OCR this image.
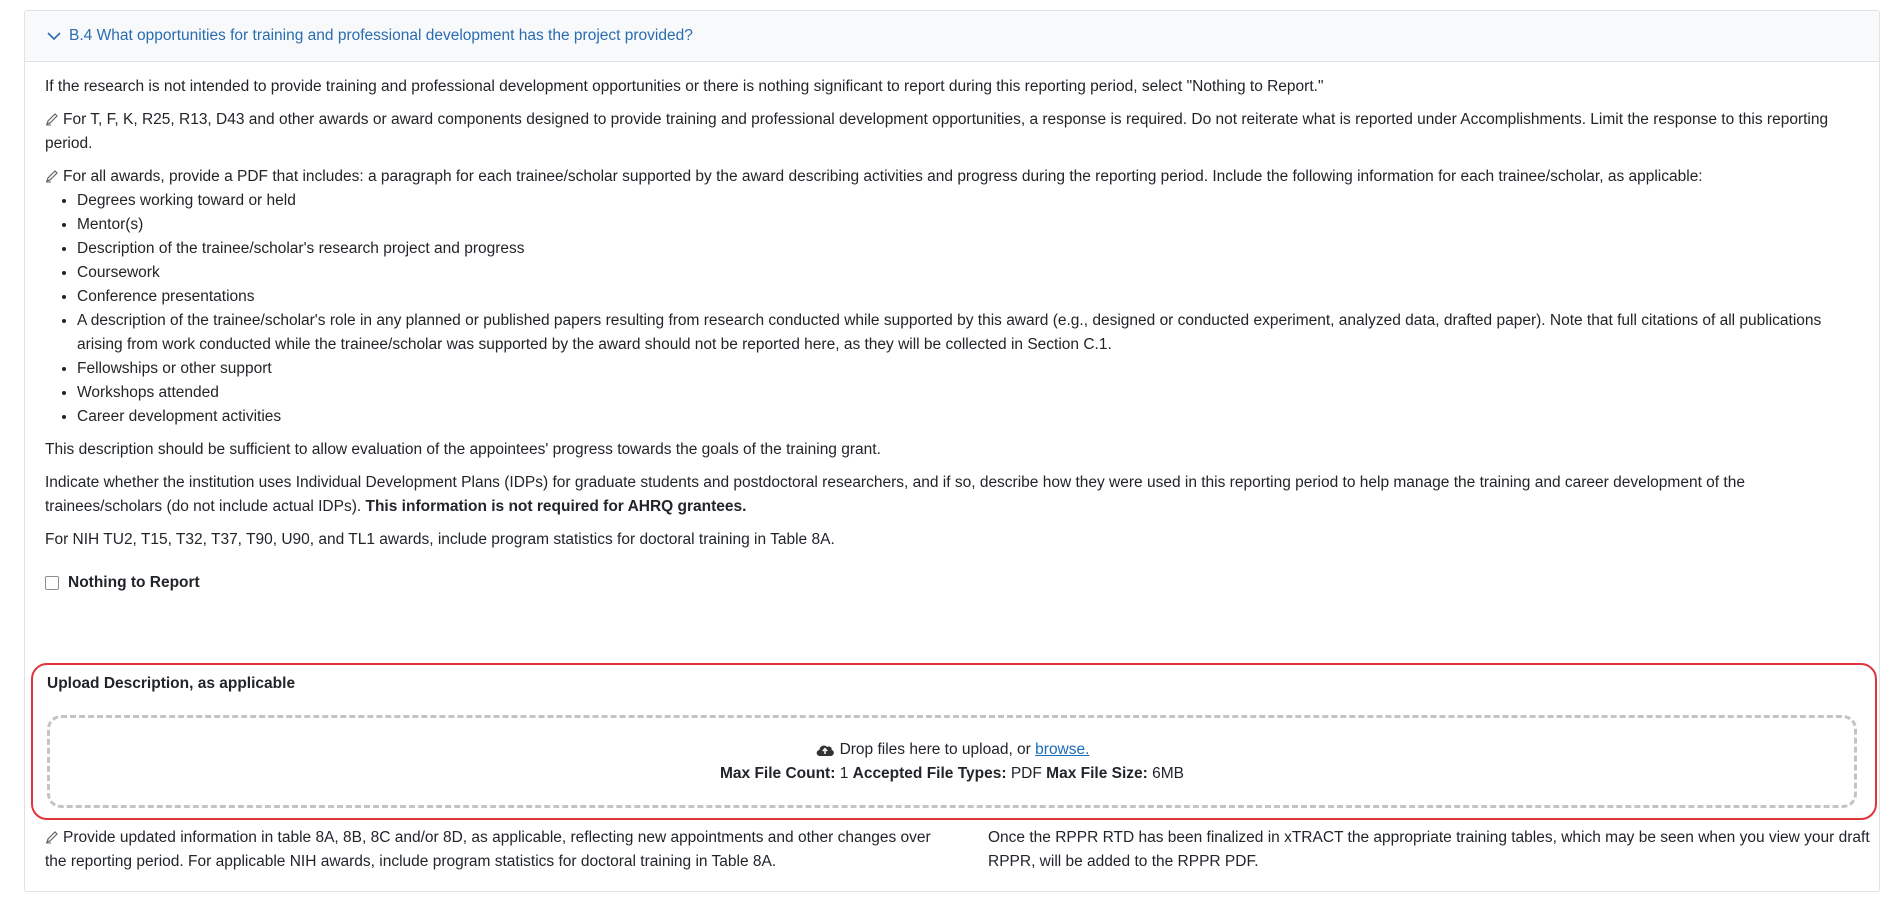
B.4 What opportunities for training and professional development has the project provided?

If the research is not intended to provide training and professional development opportunities or there is nothing significant to report during this reporting period, select "Nothing to Report."

For T, F, K, R25, R13, D43 and other awards or award components designed to provide training and professional development opportunities, a response is required. Do not reiterate what is reported under Accomplishments. Limit the response to this reporting period.

For all awards, provide a PDF that includes: a paragraph for each trainee/scholar supported by the award describing activities and progress during the reporting period. Include the following information for each trainee/scholar, as applicable:

• Degrees working toward or held
• Mentor(s)
• Description of the trainee/scholar's research project and progress
• Coursework
• Conference presentations
• A description of the trainee/scholar's role in any planned or published papers resulting from research conducted while supported by this award (e.g., designed or conducted experiment, analyzed data, drafted paper). Note that full citations of all publications arising from work conducted while the trainee/scholar was supported by the award should not be reported here, as they will be collected in Section C.1.
• Fellowships or other support
• Workshops attended
• Career development activities

This description should be sufficient to allow evaluation of the appointees' progress towards the goals of the training grant.

Indicate whether the institution uses Individual Development Plans (IDPs) for graduate students and postdoctoral researchers, and if so, describe how they were used in this reporting period to help manage the training and career development of the trainees/scholars (do not include actual IDPs). This information is not required for AHRQ grantees.

For NIH TU2, T15, T32, T37, T90, U90, and TL1 awards, include program statistics for doctoral training in Table 8A.

Nothing to Report
Upload Description, as applicable
Drop files here to upload, or
browse.
Max File Count: 1 Accepted File Types: PDF Max File Size: 6MB

Provide updated information in table 8A, 8B, 8C and/or 8D, as applicable, reflecting new appointments and other changes over the reporting period. For applicable NIH awards, include program statistics for doctoral training in Table 8A.

Once the RPPR RTD has been finalized in xTRACT the appropriate training tables, which may be seen when you view your draft RPPR, will be added to the RPPR PDF.
